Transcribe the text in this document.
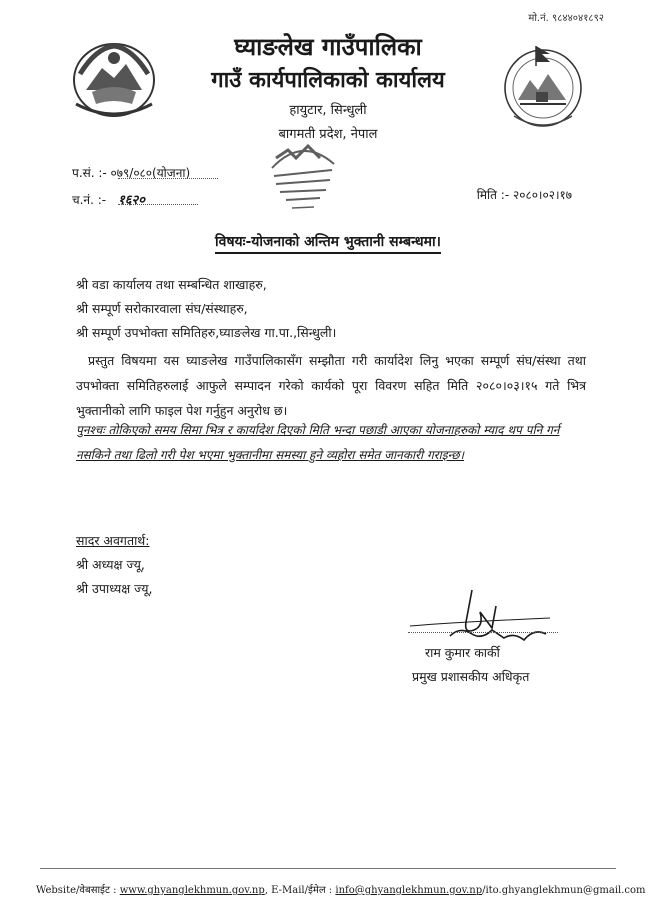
मो.नं. ९८४४०४१८९२
घ्याङलेख गाउँपालिका
गाउँ कार्यपालिकाको कार्यालय
हायुटार, सिन्धुली
बागमती प्रदेश, नेपाल
प.सं. :- ०७९/०८०(योजना)
च.नं. :- १६२०	मिति :- २०८०।०२।१७
विषयः-योजनाको अन्तिम भुक्तानी सम्बन्धमा।
श्री वडा कार्यालय तथा सम्बन्धित शाखाहरु,
श्री सम्पूर्ण सरोकारवाला संघ/संस्थाहरु,
श्री सम्पूर्ण उपभोक्ता समितिहरु,घ्याङलेख गा.पा.,सिन्धुली।
प्रस्तुत विषयमा यस घ्याङलेख गाउँपालिकासँग सम्झौता गरी कार्यादेश लिनु भएका सम्पूर्ण संघ/संस्था तथा उपभोक्ता समितिहरुलाई आफुले सम्पादन गरेको कार्यको पूरा विवरण सहित मिति २०८०।०३।१५ गते भित्र भुक्तानीको लागि फाइल पेश गर्नुहुन अनुरोध छ।
पुनश्चः तोकिएको समय सिमा भित्र र कार्यादेश दिएको मिति भन्दा पछाडी आएका योजनाहरुको म्याद थप पनि गर्न नसकिने तथा ढिलो गरी पेश भएमा भुक्तानीमा समस्या हुने व्यहोरा समेत जानकारी गराइन्छ।
सादर अवगतार्थ:
श्री अध्यक्ष ज्यू,
श्री उपाध्यक्ष ज्यू,
राम कुमार कार्की
प्रमुख प्रशासकीय अधिकृत
Website/वेबसाईट : www.ghyanglekhmun.gov.np, E-Mail/ईमेल : info@ghyanglekhmun.gov.np/ito.ghyanglekhmun@gmail.com
